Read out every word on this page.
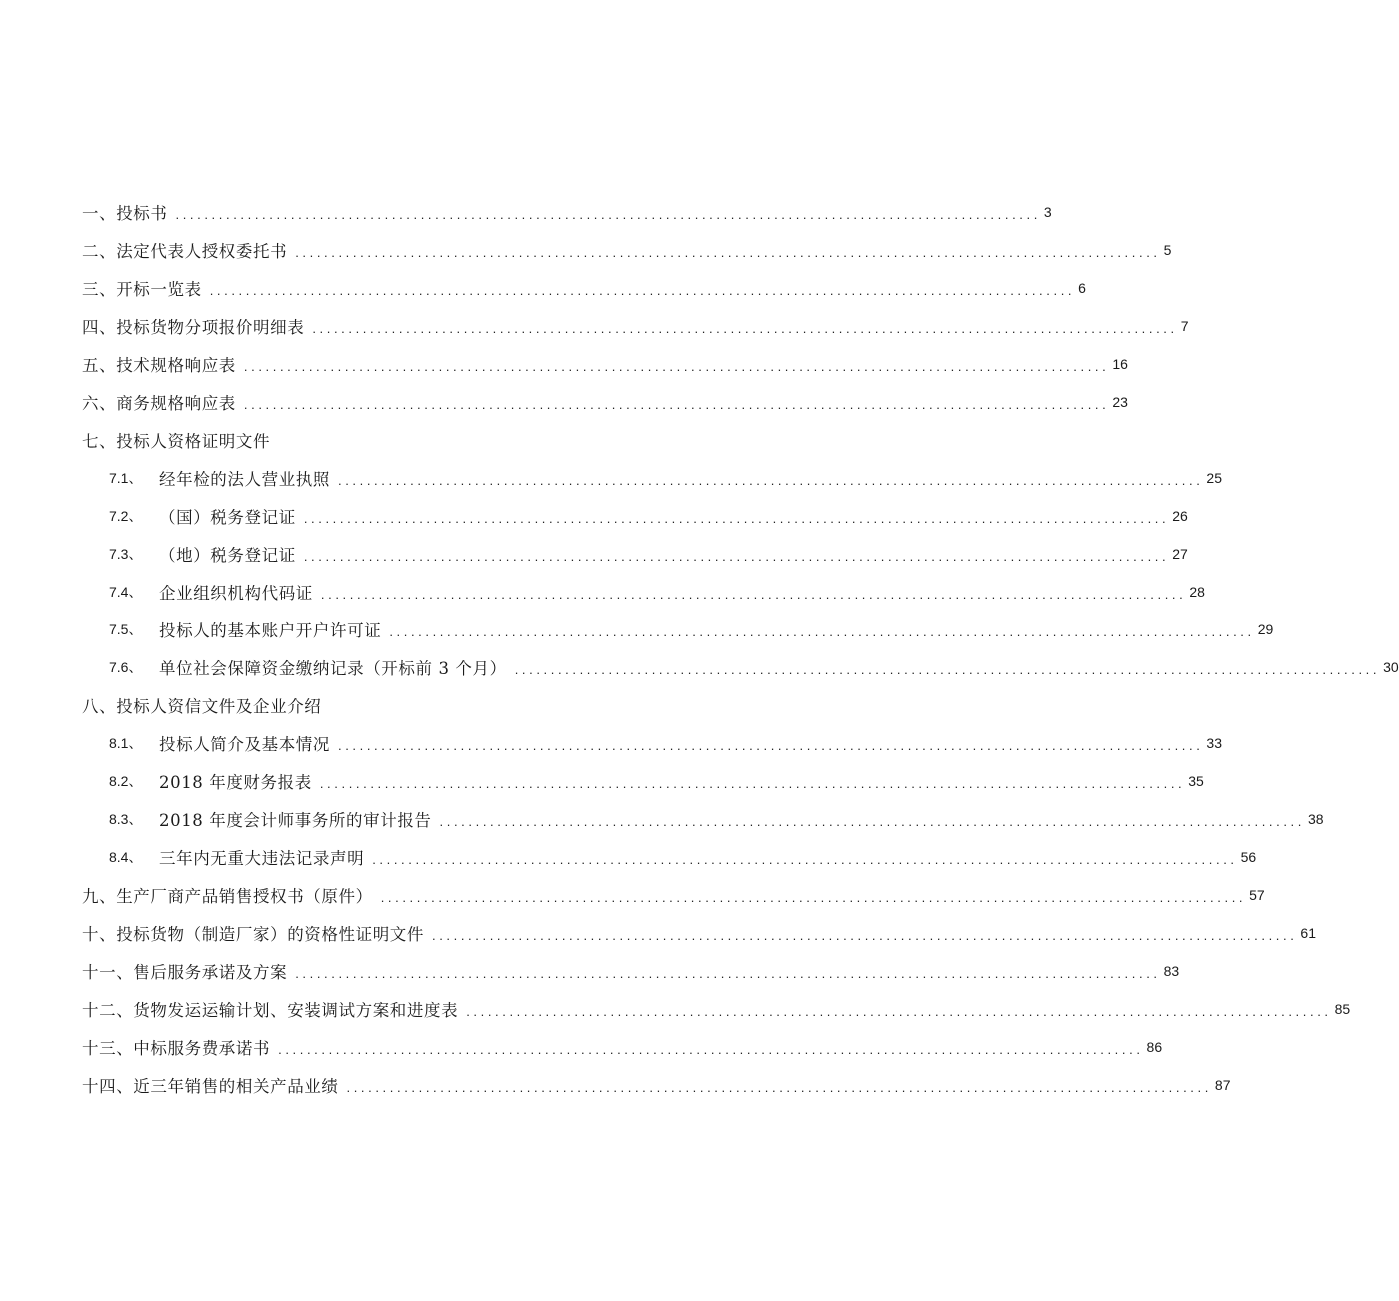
一、投标书 ........................................................................................................................ 3
二、法定代表人授权委托书 ........................................................................................................................ 5
三、开标一览表 ........................................................................................................................ 6
四、投标货物分项报价明细表 ........................................................................................................................ 7
五、技术规格响应表 ........................................................................................................................ 16
六、商务规格响应表 ........................................................................................................................ 23
七、投标人资格证明文件
7.1、	经年检的法人营业执照 ........................................................................................................................ 25
7.2、	（国）税务登记证 ........................................................................................................................ 26
7.3、	（地）税务登记证 ........................................................................................................................ 27
7.4、	企业组织机构代码证 ........................................................................................................................ 28
7.5、	投标人的基本账户开户许可证 ........................................................................................................................ 29
7.6、	单位社会保障资金缴纳记录（开标前 3 个月） ........................................................................................................................ 30
八、投标人资信文件及企业介绍
8.1、	投标人简介及基本情况 ........................................................................................................................ 33
8.2、	2018 年度财务报表 ........................................................................................................................ 35
8.3、	2018 年度会计师事务所的审计报告 ........................................................................................................................ 38
8.4、	三年内无重大违法记录声明 ........................................................................................................................ 56
九、生产厂商产品销售授权书（原件） ........................................................................................................................ 57
十、投标货物（制造厂家）的资格性证明文件 ........................................................................................................................ 61
十一、售后服务承诺及方案 ........................................................................................................................ 83
十二、货物发运运输计划、安装调试方案和进度表 ........................................................................................................................ 85
十三、中标服务费承诺书 ........................................................................................................................ 86
十四、近三年销售的相关产品业绩 ........................................................................................................................ 87
